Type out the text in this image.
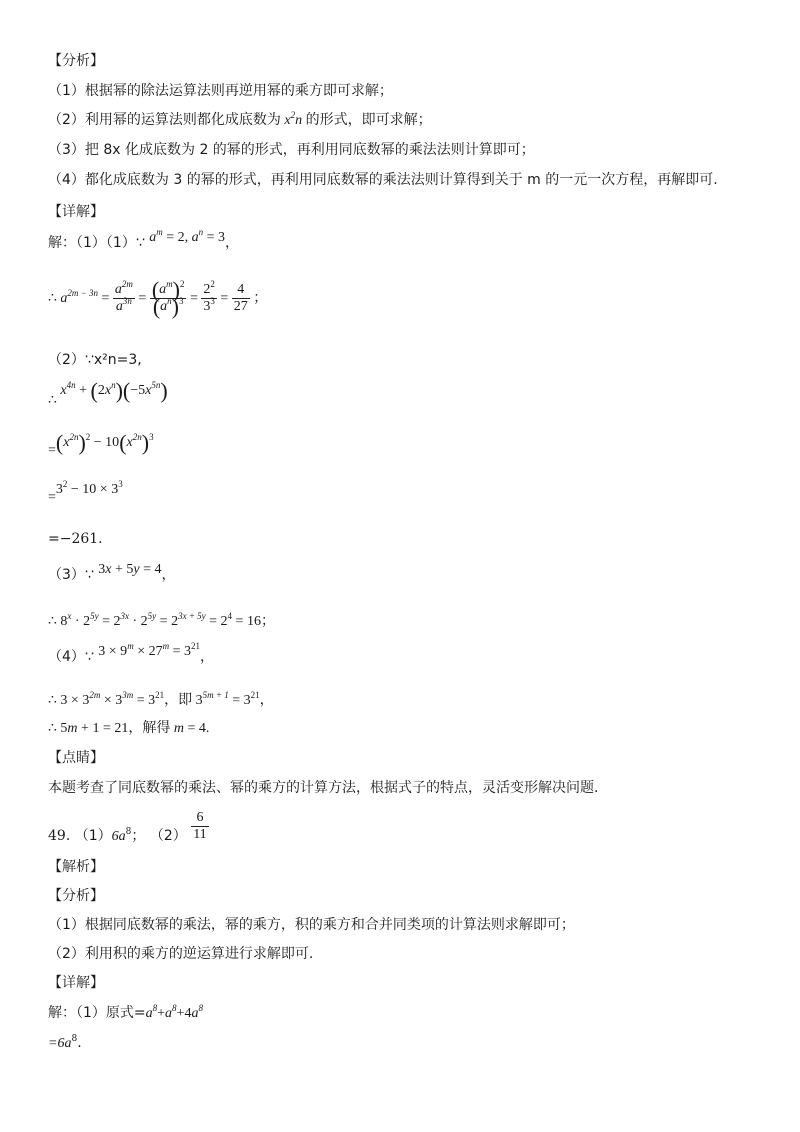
【分析】
（1）根据幂的除法运算法则再逆用幂的乘方即可求解；
（2）利用幂的运算法则都化成底数为 $x^2n$ 的形式，即可求解；
（3）把 8x 化成底数为 2 的幂的形式，再利用同底数幂的乘法法则计算即可；
（4）都化成底数为 3 的幂的形式，再利用同底数幂的乘法法则计算得到关于 m 的一元一次方程，再解即可.
【详解】
解：（1）（1）∵ $a^m = 2$, $a^n = 3$，
∴ $a^{2m - 3n} = \frac{a^{2m}}{a^{3n}} = \frac{(a^m)^2}{(a^n)^3} = \frac{2^2}{3^3} = \frac{4}{27}$ ；
（2）∵x²n=3,
∴ $x^{4n} + (2x^n)(-5x^{5n})$
$=(x^{2n})^2 - 10(x^{2n})^3$
$=3^2 - 10 \times 3^3$
=−261.
（3）∵ 3x + 5y = 4，
∴ $8^x \cdot 2^{5y} = 2^{3x} \cdot 2^{5y} = 2^{3x + 5y} = 2^4 = 16$；
（4）∵ $3 \times 9^m \times 27^m = 3^{21}$，
∴ $3 \times 3^{2m} \times 3^{3m} = 3^{21}$，即 $3^{5m + 1} = 3^{21}$，
∴ 5m + 1 = 21，解得 m = 4.
【点睛】
本题考查了同底数幂的乘法、幂的乘方的计算方法，根据式子的特点，灵活变形解决问题.
49. $(1)6a^8$； $(2) \frac{6}{11}$
【解析】
【分析】
（1）根据同底数幂的乘法，幂的乘方，积的乘方和合并同类项的计算法则求解即可；
（2）利用积的乘方的逆运算进行求解即可.
【详解】
解：（1）原式$=a^8+a^8+4a^8$
$=6a^8$.
